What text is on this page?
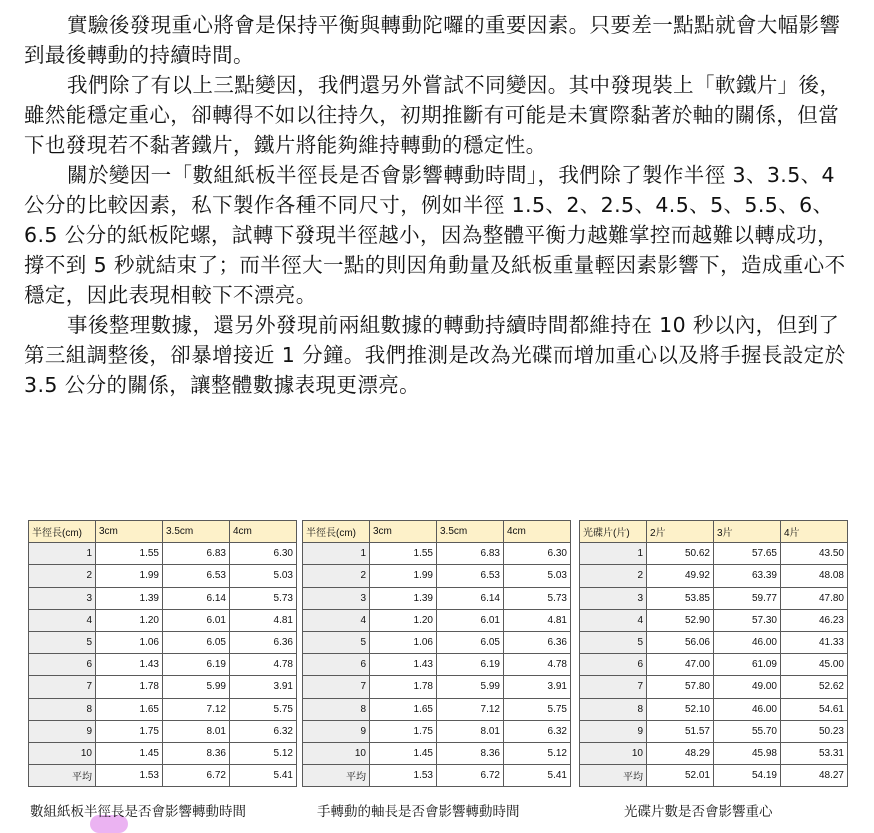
實驗後發現重心將會是保持平衡與轉動陀囉的重要因素。只要差一點點就會大幅影響到最後轉動的持續時間。

我們除了有以上三點變因，我們還另外嘗試不同變因。其中發現裝上「軟鐵片」後，雖然能穩定重心，卻轉得不如以往持久，初期推斷有可能是未實際黏著於軸的關係，但當下也發現若不黏著鐵片，鐵片將能夠維持轉動的穩定性。

關於變因一「數組紙板半徑長是否會影響轉動時間」，我們除了製作半徑 3、3.5、4 公分的比較因素，私下製作各種不同尺寸，例如半徑 1.5、2、2.5、4.5、5、5.5、6、6.5 公分的紙板陀螺，試轉下發現半徑越小，因為整體平衡力越難掌控而越難以轉成功，撐不到 5 秒就結束了；而半徑大一點的則因角動量及紙板重量輕因素影響下，造成重心不穩定，因此表現相較下不漂亮。

事後整理數據，還另外發現前兩組數據的轉動持續時間都維持在 10 秒以內，但到了第三組調整後，卻暴增接近 1 分鐘。我們推測是改為光碟而增加重心以及將手握長設定於 3.5 公分的關係，讓整體數據表現更漂亮。

半徑長(cm)	3cm	3.5cm	4cm
1	1.55	6.83	6.30
2	1.99	6.53	5.03
3	1.39	6.14	5.73
4	1.20	6.01	4.81
5	1.06	6.05	6.36
6	1.43	6.19	4.78
7	1.78	5.99	3.91
8	1.65	7.12	5.75
9	1.75	8.01	6.32
10	1.45	8.36	5.12
平均	1.53	6.72	5.41
半徑長(cm)	3cm	3.5cm	4cm
1	1.55	6.83	6.30
2	1.99	6.53	5.03
3	1.39	6.14	5.73
4	1.20	6.01	4.81
5	1.06	6.05	6.36
6	1.43	6.19	4.78
7	1.78	5.99	3.91
8	1.65	7.12	5.75
9	1.75	8.01	6.32
10	1.45	8.36	5.12
平均	1.53	6.72	5.41
光碟片(片)	2片	3片	4片
1	50.62	57.65	43.50
2	49.92	63.39	48.08
3	53.85	59.77	47.80
4	52.90	57.30	46.23
5	56.06	46.00	41.33
6	47.00	61.09	45.00
7	57.80	49.00	52.62
8	52.10	46.00	54.61
9	51.57	55.70	50.23
10	48.29	45.98	53.31
平均	52.01	54.19	48.27
數組紙板半徑長是否會影響轉動時間	手轉動的軸長是否會影響轉動時間	光碟片數是否會影響重心
